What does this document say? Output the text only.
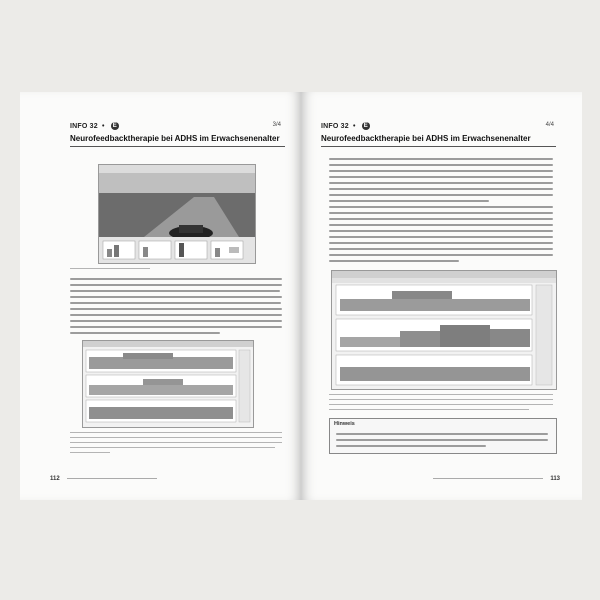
INFO 32 • E	3/4
Neurofeedbacktherapie bei ADHS im Erwachsenenalter
112
INFO 32 • E	4/4
Neurofeedbacktherapie bei ADHS im Erwachsenenalter
Hinweis
113
